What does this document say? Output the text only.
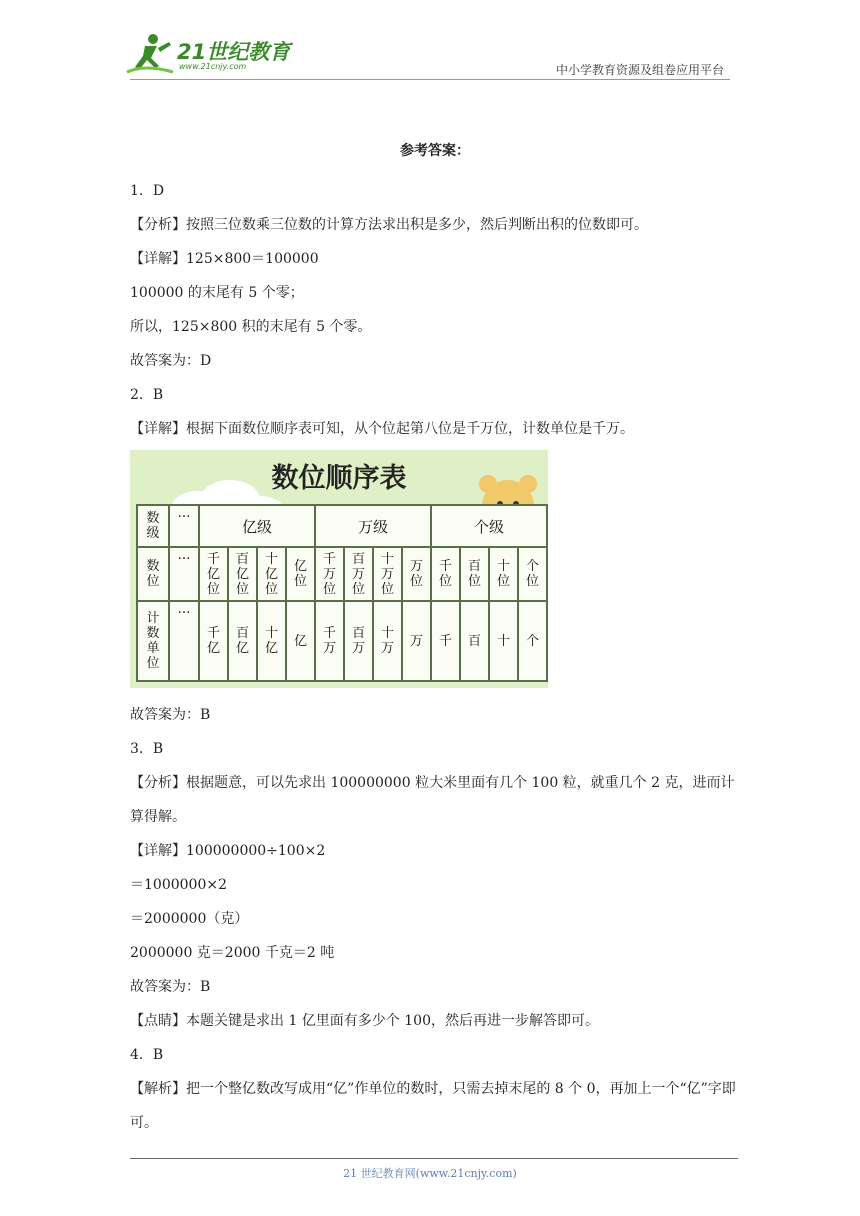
21世纪教育
www.21cnjy.com	中小学教育资源及组卷应用平台
参考答案：
1．D
【分析】按照三位数乘三位数的计算方法求出积是多少，然后判断出积的位数即可。
【详解】125×800＝100000
100000 的末尾有 5 个零；
所以，125×800 积的末尾有 5 个零。
故答案为：D
2．B
【详解】根据下面数位顺序表可知，从个位起第八位是千万位，计数单位是千万。
数位顺序表
数级	…	亿级				万级				个级			
数位	…	千亿位	百亿位	十亿位	亿位	千万位	百万位	十万位	万位	千位	百位	十位	个位
计数单位	…	千亿	百亿	十亿	亿	千万	百万	十万	万	千	百	十	个
故答案为：B
3．B
【分析】根据题意，可以先求出 100000000 粒大米里面有几个 100 粒，就重几个 2 克，进而计算得解。
【详解】100000000÷100×2
＝1000000×2
＝2000000（克）
2000000 克＝2000 千克＝2 吨
故答案为：B
【点睛】本题关键是求出 1 亿里面有多少个 100，然后再进一步解答即可。
4．B
【解析】把一个整亿数改写成用“亿”作单位的数时，只需去掉末尾的 8 个 0，再加上一个“亿”字即可。
21 世纪教育网(www.21cnjy.com)
